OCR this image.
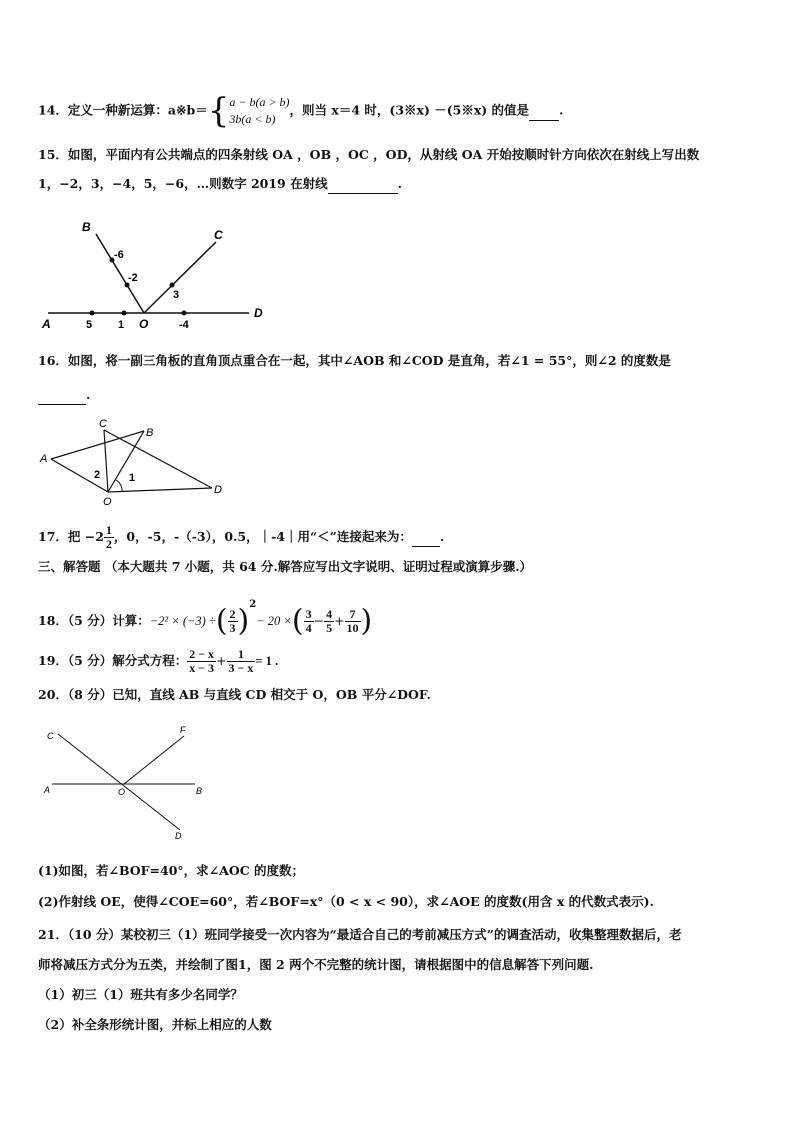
14．定义一种新运算：a※b＝{ a − b(a > b)
3b(a < b)
，则当 x＝4 时，(3※x) －(5※x) 的值是 .
15．如图，平面内有公共端点的四条射线 OA ，OB ，OC ，OD，从射线 OA 开始按顺时针方向依次在射线上写出数
1，−2，3，−4，5，−6，…则数字 2019 在射线	.
B
C
D
A	O
-6
-2
3
5 1	-4
16．如图，将一副三角板的直角顶点重合在一起，其中∠AOB 和∠COD 是直角，若∠1 = 55°，则∠2 的度数是
.
C
B
A
O
D
2	1
17．把 $-2 \frac{1}{2}$ ，0，-5，-（-3），0.5，｜-4｜用“＜”连接起来为： .
三、解答题 （本大题共 7 小题，共 64 分.解答应写出文字说明、证明过程或演算步骤.）
18．（5 分）计算：−2² × (−3) ÷( $\frac{2}{3} )^2- 20$ ×( $\frac{3}{4} - \frac{4}{5} + \frac{7}{10}$ )
19．（5 分）解分式方程： $\frac{2 - x}{x - 3} + \frac{1}{3 - x} = 1$ .
20．（8 分）已知，直线 AB 与直线 CD 相交于 O，OB 平分∠DOF.
C
F
A	O	B
D
(1)如图，若∠BOF=40°，求∠AOC 的度数；
(2)作射线 OE，使得∠COE=60°，若∠BOF=x°（0 < x < 90），求∠AOE 的度数(用含 x 的代数式表示).
21．（10 分）某校初三（1）班同学接受一次内容为“最适合自己的考前减压方式”的调查活动，收集整理数据后，老
师将减压方式分为五类，并绘制了图1，图 2 两个不完整的统计图，请根据图中的信息解答下列问题.
（1）初三（1）班共有多少名同学？
（2）补全条形统计图，并标上相应的人数
